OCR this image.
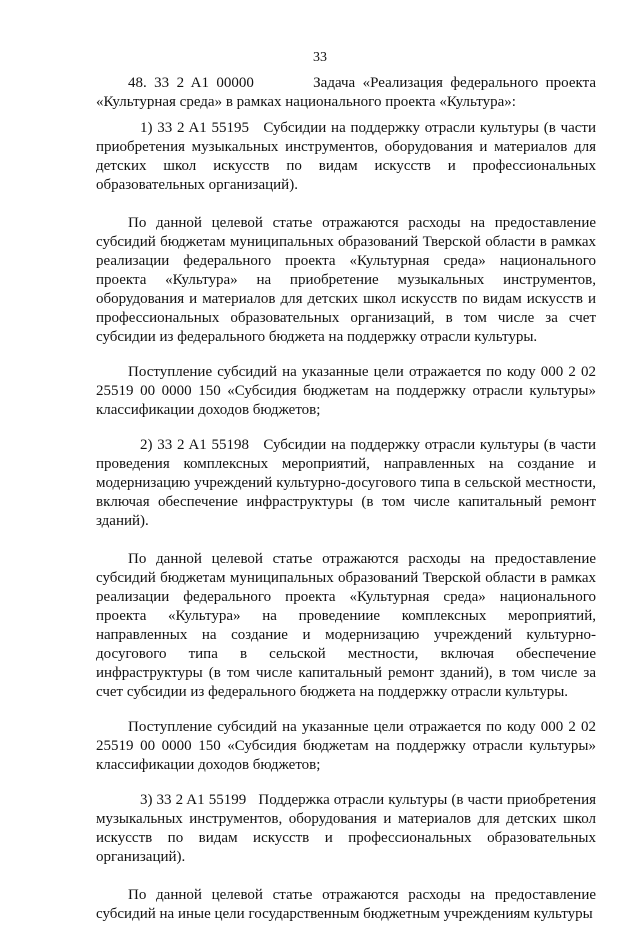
33

48. 33 2 A1 00000	Задача «Реализация федерального проекта «Культурная среда» в рамках национального проекта «Культура»:

1) 33 2 A1 55195 Субсидии на поддержку отрасли культуры (в части приобретения музыкальных инструментов, оборудования и материалов для детских школ искусств по видам искусств и профессиональных образовательных организаций).

По данной целевой статье отражаются расходы на предоставление субсидий бюджетам муниципальных образований Тверской области в рамках реализации федерального проекта «Культурная среда» национального проекта «Культура» на приобретение музыкальных инструментов, оборудования и материалов для детских школ искусств по видам искусств и профессиональных образовательных организаций, в том числе за счет субсидии из федерального бюджета на поддержку отрасли культуры.

Поступление субсидий на указанные цели отражается по коду 000 2 02 25519 00 0000 150 «Субсидия бюджетам на поддержку отрасли культуры» классификации доходов бюджетов;

2) 33 2 A1 55198 Субсидии на поддержку отрасли культуры (в части проведения комплексных мероприятий, направленных на создание и модернизацию учреждений культурно-досугового типа в сельской местности, включая обеспечение инфраструктуры (в том числе капитальный ремонт зданий).

По данной целевой статье отражаются расходы на предоставление субсидий бюджетам муниципальных образований Тверской области в рамках реализации федерального проекта «Культурная среда» национального проекта «Культура» на проведениие комплексных мероприятий, направленных на создание и модернизацию учреждений культурно-досугового типа в сельской местности, включая обеспечение инфраструктуры (в том числе капитальный ремонт зданий), в том числе за счет субсидии из федерального бюджета на поддержку отрасли культуры.

Поступление субсидий на указанные цели отражается по коду 000 2 02 25519 00 0000 150 «Субсидия бюджетам на поддержку отрасли культуры» классификации доходов бюджетов;

3) 33 2 A1 55199 Поддержка отрасли культуры (в части приобретения музыкальных инструментов, оборудования и материалов для детских школ искусств по видам искусств и профессиональных образовательных организаций).

По данной целевой статье отражаются расходы на предоставление субсидий на иные цели государственным бюджетным учреждениям культуры
